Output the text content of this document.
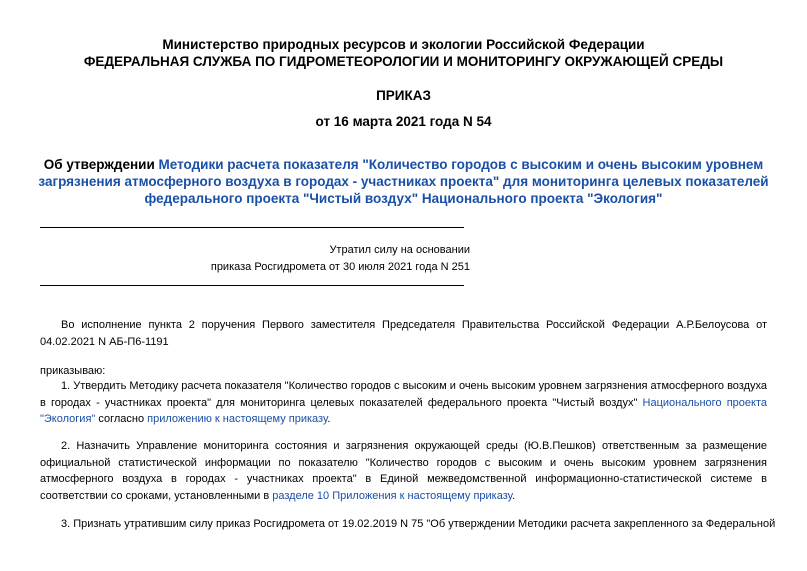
Министерство природных ресурсов и экологии Российской Федерации
ФЕДЕРАЛЬНАЯ СЛУЖБА ПО ГИДРОМЕТЕОРОЛОГИИ И МОНИТОРИНГУ ОКРУЖАЮЩЕЙ СРЕДЫ
ПРИКАЗ
от 16 марта 2021 года N 54
Об утверждении Методики расчета показателя "Количество городов с высоким и очень высоким уровнем загрязнения атмосферного воздуха в городах - участниках проекта" для мониторинга целевых показателей федерального проекта "Чистый воздух" Национального проекта "Экология"
Утратил силу на основании
приказа Росгидромета от 30 июля 2021 года N 251
Во исполнение пункта 2 поручения Первого заместителя Председателя Правительства Российской Федерации А.Р.Белоусова от 04.02.2021 N АБ-П6-1191
приказываю:
1. Утвердить Методику расчета показателя "Количество городов с высоким и очень высоким уровнем загрязнения атмосферного воздуха в городах - участниках проекта" для мониторинга целевых показателей федерального проекта "Чистый воздух" Национального проекта "Экология" согласно приложению к настоящему приказу.
2. Назначить Управление мониторинга состояния и загрязнения окружающей среды (Ю.В.Пешков) ответственным за размещение официальной статистической информации по показателю "Количество городов с высоким и очень высоким уровнем загрязнения атмосферного воздуха в городах - участниках проекта" в Единой межведомственной информационно-статистической системе в соответствии со сроками, установленными в разделе 10 Приложения к настоящему приказу.
3. Признать утратившим силу приказ Росгидромета от 19.02.2019 N 75 "Об утверждении Методики расчета закрепленного за Федеральной
